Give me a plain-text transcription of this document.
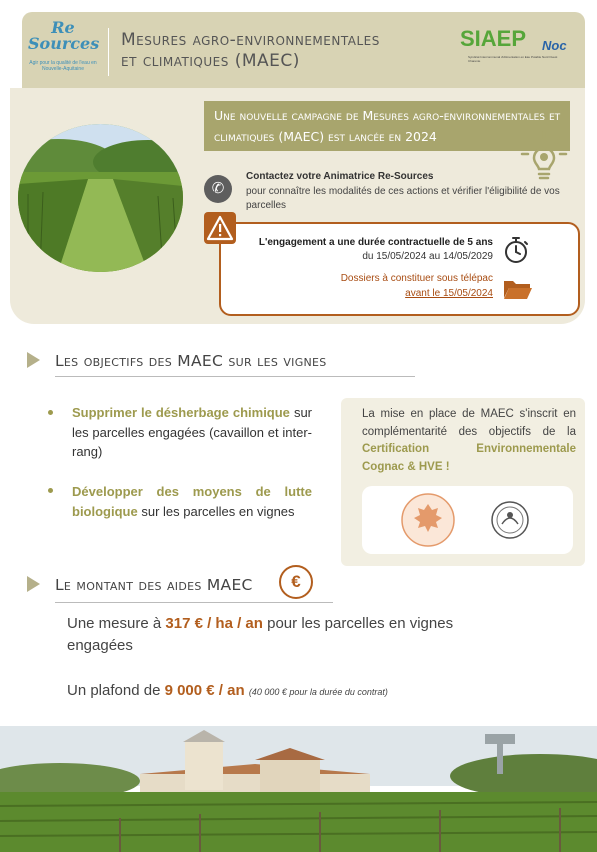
Re
Sources
Agir pour la qualité de l'eau en Nouvelle-Aquitaine
Mesures agro-environnementales
et climatiques (MAEC)
SIAEP Noc
Syndicat Intercommunal d'Alimentation en Eau Potable Nord Ouest Charente
Une nouvelle campagne de Mesures agro-environnementales et climatiques (MAEC) est lancée en 2024
✆
Contactez votre Animatrice Re-Sources
pour connaître les modalités de ces actions et vérifier l'éligibilité de vos parcelles
L'engagement a une durée contractuelle de 5 ans
du 15/05/2024 au 14/05/2029
Dossiers à constituer sous télépac
avant le 15/05/2024
Les objectifs des MAEC sur les vignes
Supprimer le désherbage chimique sur les parcelles engagées (cavaillon et inter-rang)
Développer des moyens de lutte biologique sur les parcelles en vignes
La mise en place de MAEC s'inscrit en complémentarité des objectifs de la Certification Environnementale Cognac & HVE !
Le montant des aides MAEC	€
Une mesure à 317 € / ha / an pour les parcelles en vignes engagées
Un plafond de 9 000 € / an (40 000 € pour la durée du contrat)
